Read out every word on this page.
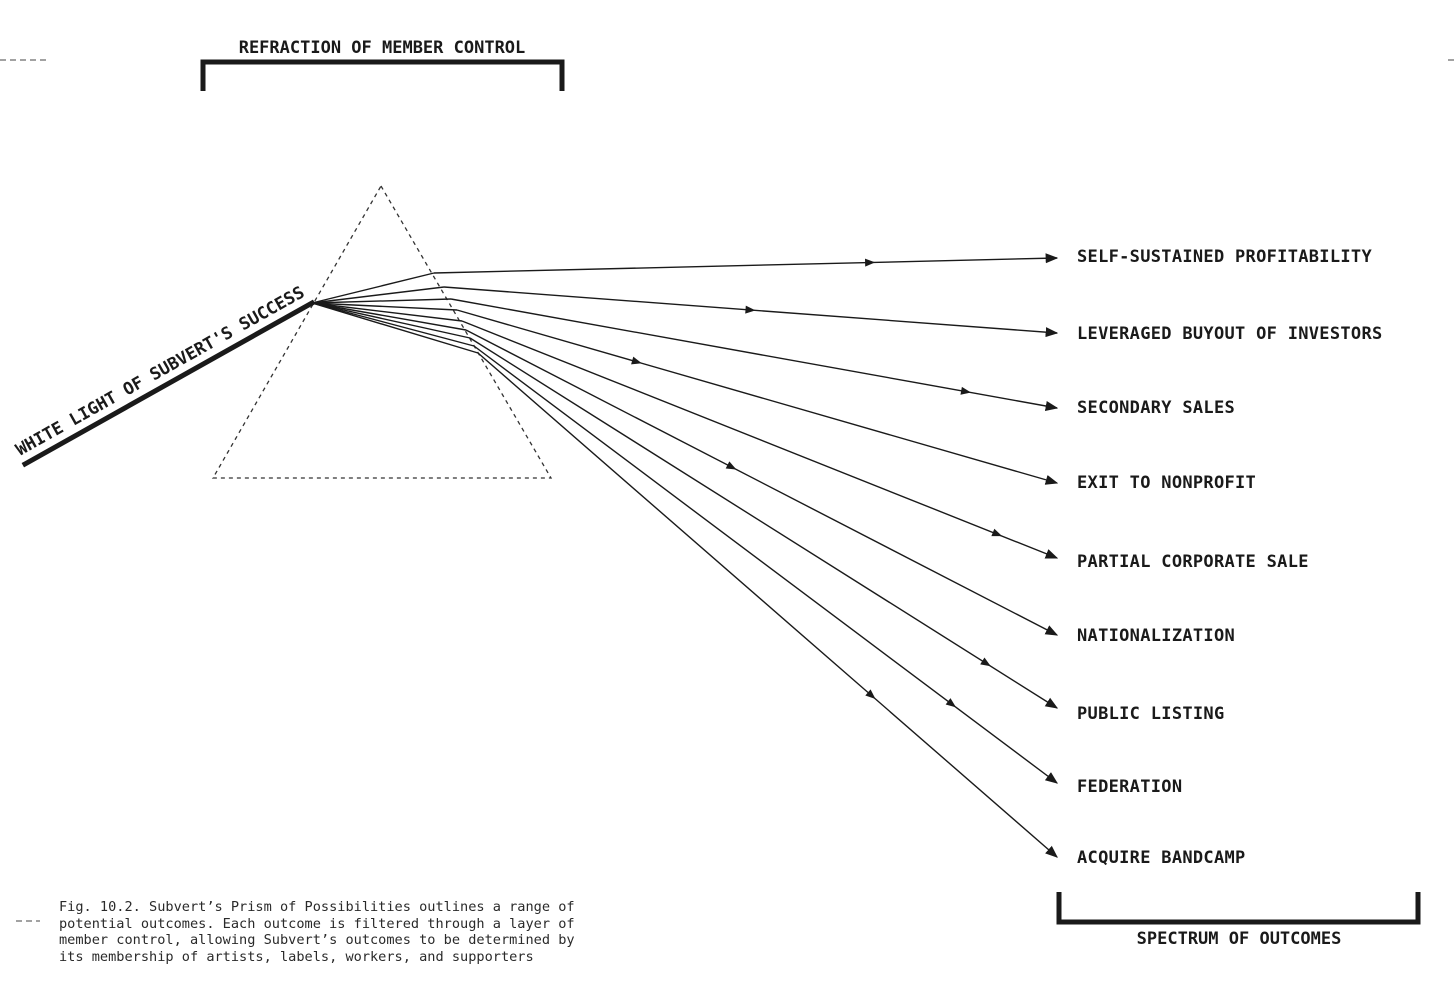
REFRACTION OF MEMBER CONTROL
WHITE LIGHT OF SUBVERT'S SUCCESS
SELF-SUSTAINED PROFITABILITY
LEVERAGED BUYOUT OF INVESTORS
SECONDARY SALES
EXIT TO NONPROFIT
PARTIAL CORPORATE SALE
NATIONALIZATION
PUBLIC LISTING
FEDERATION
ACQUIRE BANDCAMP
SPECTRUM OF OUTCOMES

Fig. 10.2. Subvert’s Prism of Possibilities outlines a range of potential outcomes. Each outcome is filtered through a layer of member control, allowing Subvert’s outcomes to be determined by its membership of artists, labels, workers, and supporters
